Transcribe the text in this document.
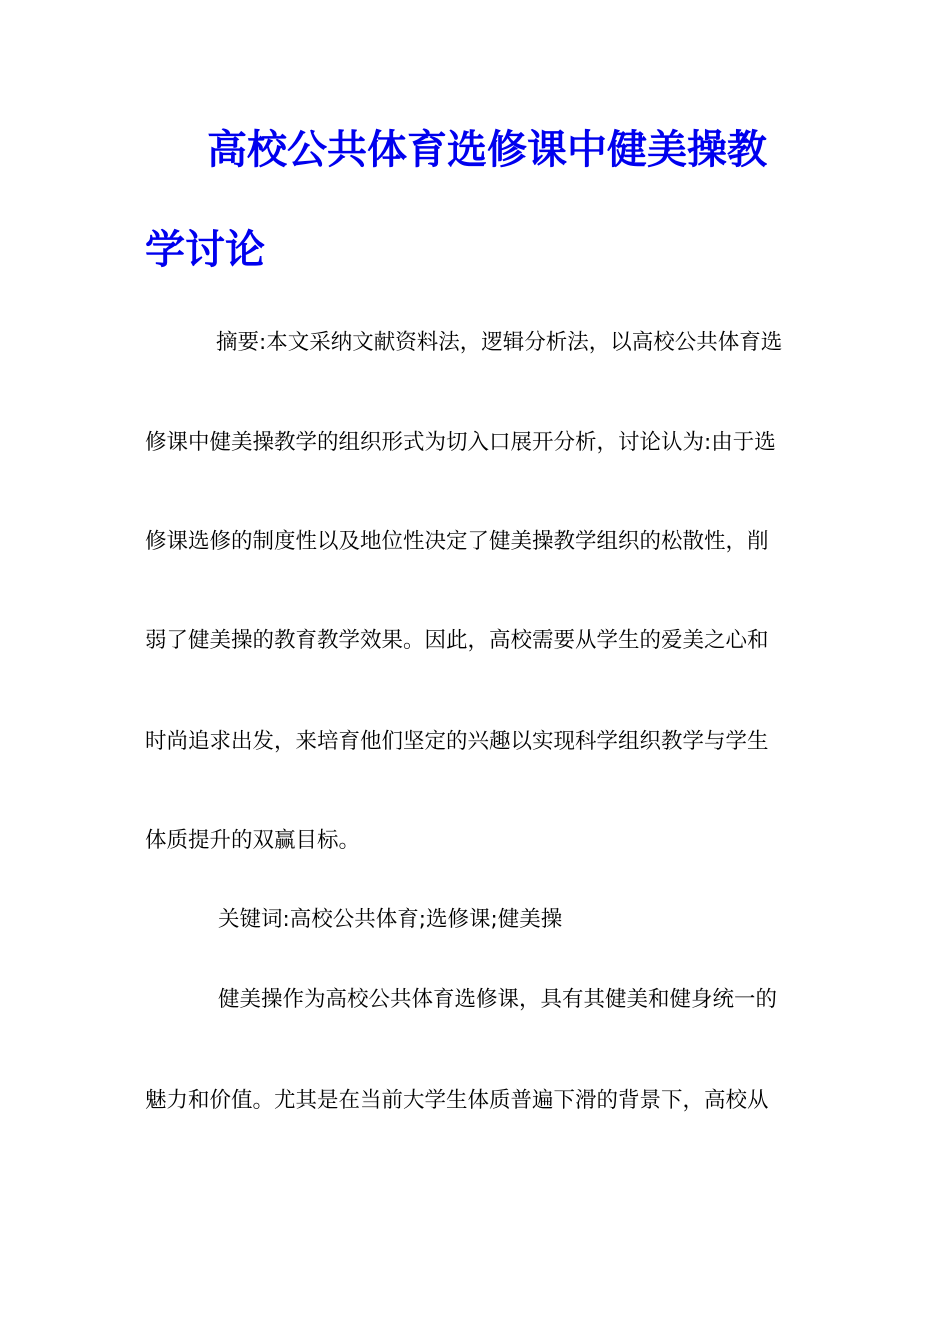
高校公共体育选修课中健美操教
学讨论

摘要:本文采纳文献资料法，逻辑分析法，以高校公共体育选

修课中健美操教学的组织形式为切入口展开分析，讨论认为:由于选

修课选修的制度性以及地位性决定了健美操教学组织的松散性，削

弱了健美操的教育教学效果。因此，高校需要从学生的爱美之心和

时尚追求出发，来培育他们坚定的兴趣以实现科学组织教学与学生

体质提升的双赢目标。

关键词:高校公共体育;选修课;健美操

健美操作为高校公共体育选修课，具有其健美和健身统一的

魅力和价值。尤其是在当前大学生体质普遍下滑的背景下，高校从
